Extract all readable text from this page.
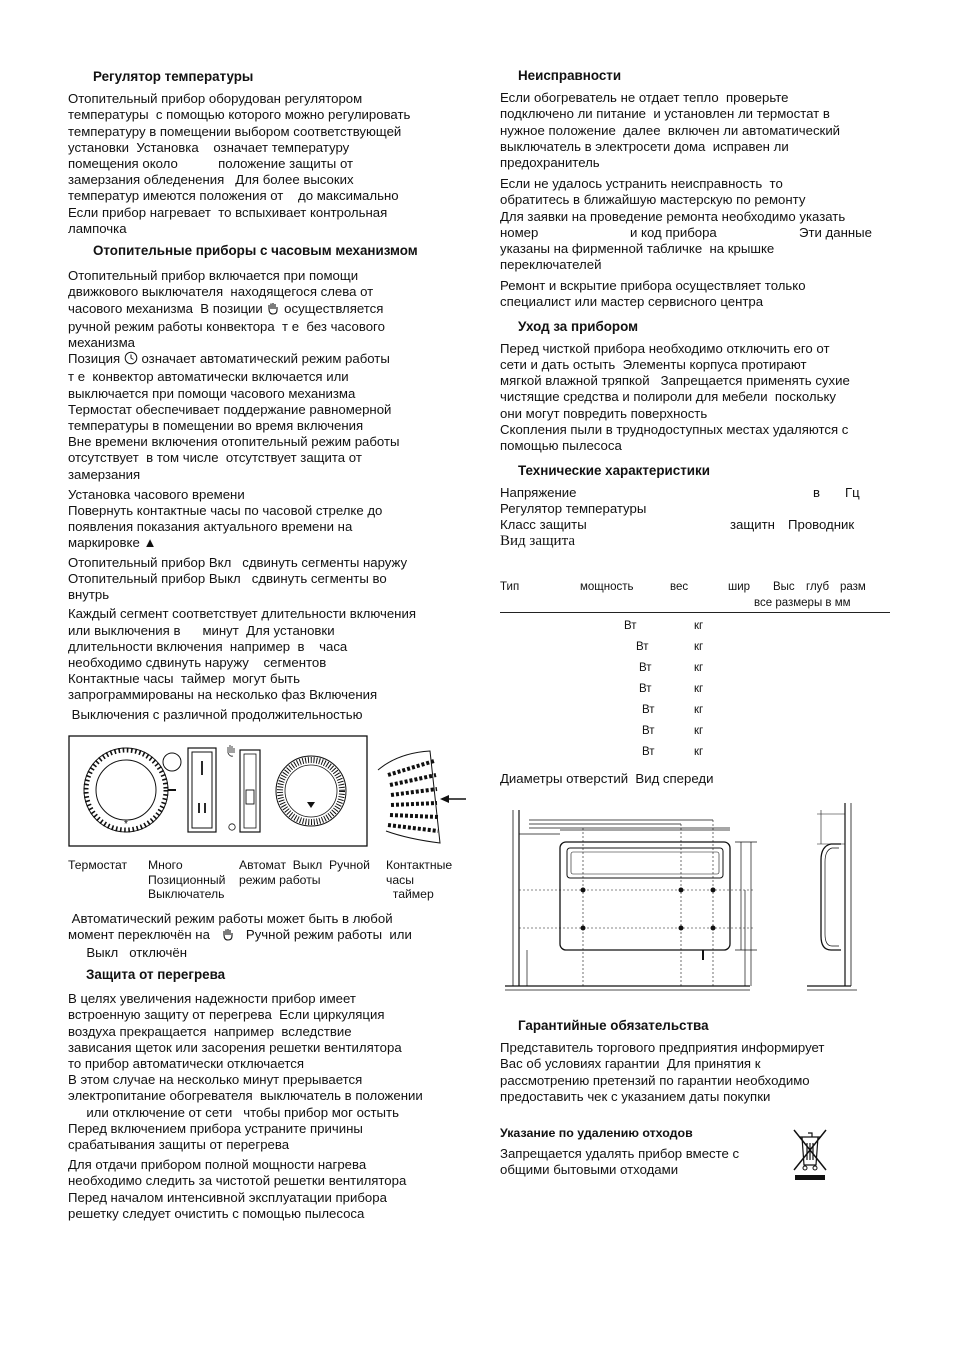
Регулятор температуры
Отопительный прибор оборудован регулятором
температуры  с помощью которого можно регулировать
температуру в помещении выбором соответствующей
установки  Установка    означает температуру
помещения около           положение защиты от
замерзания обледенения   Для более высоких
температур имеются положения от    до максимально
Если прибор нагревает  то вспыхивает контрольная
лампочка
Отопительные приборы с часовым механизмом
Отопительный прибор включается при помощи
движкового выключателя  находящегося слева от
часового механизма  В позиции осуществляется
ручной режим работы конвектора  т е  без часового
механизма
Позиция означает автоматический режим работы
т е  конвектор автоматически включается или
выключается при помощи часового механизма
Термостат обеспечивает поддержание равномерной
температуры в помещении во время включения
Вне времени включения отопительный режим работы
отсутствует  в том числе  отсутствует защита от
замерзания
Установка часового времени
Повернуть контактные часы по часовой стрелке до
появления показания актуального времени на
маркировке ▲
Отопительный прибор Вкл   сдвинуть сегменты наружу
Отопительный прибор Выкл   сдвинуть сегменты во
внутрь
Каждый сегмент соответствует длительности включения
или выключения в      минут  Для установки
длительности включения  например  в    часа
необходимо сдвинуть наружу    сегментов
Контактные часы  таймер  могут быть
запрограммированы на несколько фаз Включения
Выключения с различной продолжительностью
*
Термостат Много
Позиционный
Выключатель
Автомат  Выкл  Ручной
режим работы
Контактные
часы
таймер
Автоматический режим работы может быть в любой
момент переключён на	Ручной режим работы  или
Выкл   отключён
Защита от перегрева
В целях увеличения надежности прибор имеет
встроенную защиту от перегрева  Если циркуляция
воздуха прекращается  например  вследствие
зависания щеток или засорения решетки вентилятора
то прибор автоматически отключается
В этом случае на несколько минут прерывается
электропитание обогревателя  выключатель в положении
или отключение от сети   чтобы прибор мог остыть
Перед включением прибора устраните причины
срабатывания защиты от перегрева
Для отдачи прибором полной мощности нагрева
необходимо следить за чистотой решетки вентилятора
Перед началом интенсивной эксплуатации прибора
решетку следует очистить с помощью пылесоса
Неисправности
Если обогреватель не отдает тепло  проверьте
подключено ли питание  и установлен ли термостат в
нужное положение  далее  включен ли автоматический
выключатель в электросети дома  исправен ли
предохранитель
Если не удалось устранить неисправность  то
обратитесь в ближайшую мастерскую по ремонту
Для заявки на проведение ремонта необходимо указать
номер	и код прибора	Эти данные
указаны на фирменной табличке  на крышке
переключателей
Ремонт и вскрытие прибора осуществляет только
специалист или мастер сервисного центра
Уход за прибором
Перед чисткой прибора необходимо отключить его от
сети и дать остыть  Элементы корпуса протирают
мягкой влажной тряпкой   Запрещается применять сухие
чистящие средства и полироли для мебели  поскольку
они могут повредить поверхность
Скопления пыли в труднодоступных местах удаляются с
помощью пылесоса
Технические характеристики
Напряжение	в Гц
Регулятор температуры
Класс защиты	защитн Проводник
Вид защита
Тип	мощность	вес	шир Выс глуб разм
все размеры в мм
Вт	кг
Вт	кг
Вт	кг
Вт	кг
Вт	кг
Вт	кг
Вт	кг
Диаметры отверстий  Вид спереди
Гарантийные обязательства
Представитель торгового предприятия информирует
Вас об условиях гарантии  Для принятия к
рассмотрению претензий по гарантии необходимо
предоставить чек с указанием даты покупки
Указание по удалению отходов
Запрещается удалять прибор вместе с
общими бытовыми отходами
